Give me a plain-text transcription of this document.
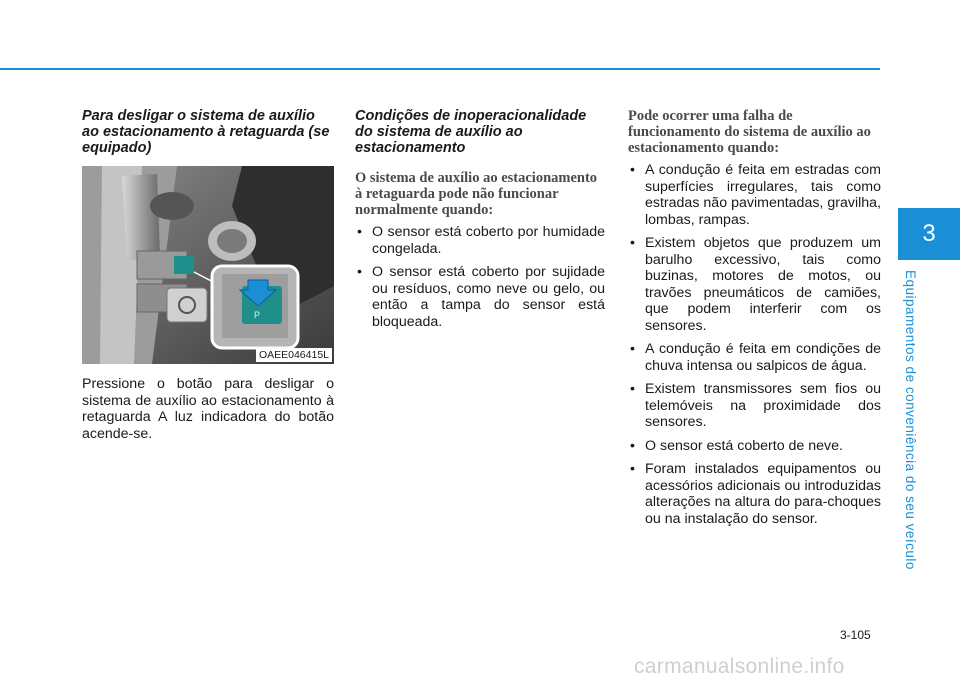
3
Equipamentos de conveniência do seu veículo
Para desligar o sistema de auxílio ao estacionamento à retaguarda (se equipado)
P
OAEE046415L

Pressione o botão para desligar o sistema de auxílio ao estacionamento à retaguarda A luz indicadora do botão acende-se.

Condições de inoperacionalidade do sistema de auxílio ao estacionamento
O sistema de auxílio ao estacionamento à retaguarda pode não funcionar normalmente quando:
• O sensor está coberto por humidade congelada.
• O sensor está coberto por sujidade ou resíduos, como neve ou gelo, ou então a tampa do sensor está bloqueada.
Pode ocorrer uma falha de funcionamento do sistema de auxílio ao estacionamento quando:
• A condução é feita em estradas com superfícies irregulares, tais como estradas não pavimentadas, gravilha, lombas, rampas.
• Existem objetos que produzem um barulho excessivo, tais como buzinas, motores de motos, ou travões pneumáticos de camiões, que podem interferir com os sensores.
• A condução é feita em condições de chuva intensa ou salpicos de água.
• Existem transmissores sem fios ou telemóveis na proximidade dos sensores.
• O sensor está coberto de neve.
• Foram instalados equipamentos ou acessórios adicionais ou introduzidas alterações na altura do para-choques ou na instalação do sensor.
3-105
carmanualsonline.info
